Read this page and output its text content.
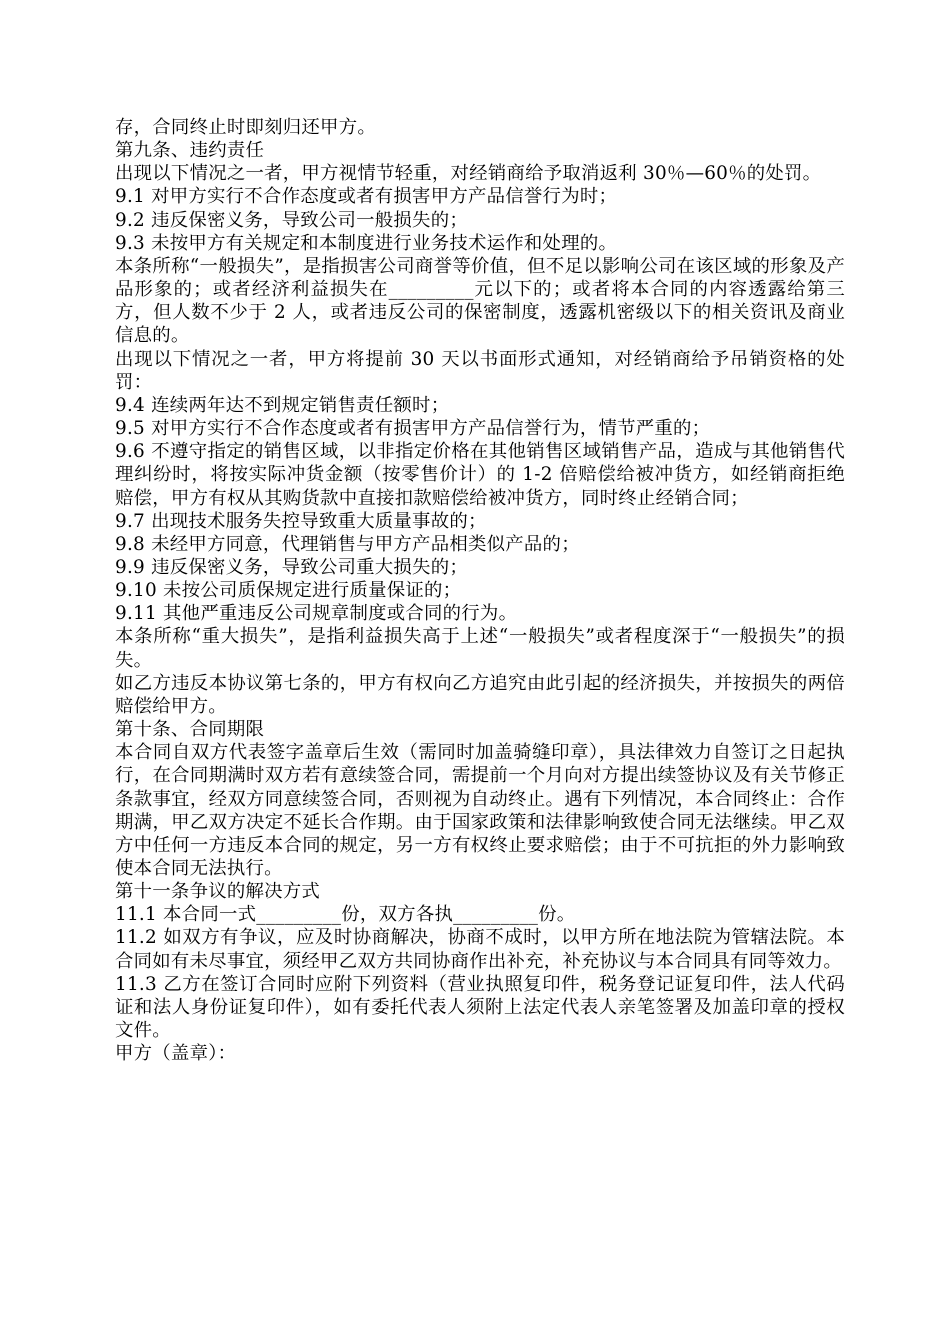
存，合同终止时即刻归还甲方。

第九条、违约责任

出现以下情况之一者，甲方视情节轻重，对经销商给予取消返利 30％—60％的处罚。

9.1 对甲方实行不合作态度或者有损害甲方产品信誉行为时；

9.2 违反保密义务，导致公司一般损失的；

9.3 未按甲方有关规定和本制度进行业务技术运作和处理的。

本条所称“一般损失”，是指损害公司商誉等价值，但不足以影响公司在该区域的形象及产品形象的；或者经济利益损失在_________元以下的；或者将本合同的内容透露给第三方，但人数不少于 2 人，或者违反公司的保密制度，透露机密级以下的相关资讯及商业信息的。

出现以下情况之一者，甲方将提前 30 天以书面形式通知，对经销商给予吊销资格的处罚：

9.4 连续两年达不到规定销售责任额时；

9.5 对甲方实行不合作态度或者有损害甲方产品信誉行为，情节严重的；

9.6 不遵守指定的销售区域，以非指定价格在其他销售区域销售产品，造成与其他销售代理纠纷时，将按实际冲货金额（按零售价计）的 1-2 倍赔偿给被冲货方，如经销商拒绝赔偿，甲方有权从其购货款中直接扣款赔偿给被冲货方，同时终止经销合同；

9.7 出现技术服务失控导致重大质量事故的；

9.8 未经甲方同意，代理销售与甲方产品相类似产品的；

9.9 违反保密义务，导致公司重大损失的；

9.10 未按公司质保规定进行质量保证的；

9.11 其他严重违反公司规章制度或合同的行为。

本条所称“重大损失”，是指利益损失高于上述“一般损失”或者程度深于“一般损失”的损失。

如乙方违反本协议第七条的，甲方有权向乙方追究由此引起的经济损失，并按损失的两倍赔偿给甲方。

第十条、合同期限

本合同自双方代表签字盖章后生效（需同时加盖骑缝印章），具法律效力自签订之日起执行，在合同期满时双方若有意续签合同，需提前一个月向对方提出续签协议及有关节修正条款事宜，经双方同意续签合同，否则视为自动终止。遇有下列情况，本合同终止：合作期满，甲乙双方决定不延长合作期。由于国家政策和法律影响致使合同无法继续。甲乙双方中任何一方违反本合同的规定，另一方有权终止要求赔偿；由于不可抗拒的外力影响致使本合同无法执行。

第十一条争议的解决方式

11.1 本合同一式_________份，双方各执_________份。

11.2 如双方有争议，应及时协商解决，协商不成时，以甲方所在地法院为管辖法院。本合同如有未尽事宜，须经甲乙双方共同协商作出补充，补充协议与本合同具有同等效力。

11.3 乙方在签订合同时应附下列资料（营业执照复印件，税务登记证复印件，法人代码证和法人身份证复印件），如有委托代表人须附上法定代表人亲笔签署及加盖印章的授权文件。

甲方（盖章）：
